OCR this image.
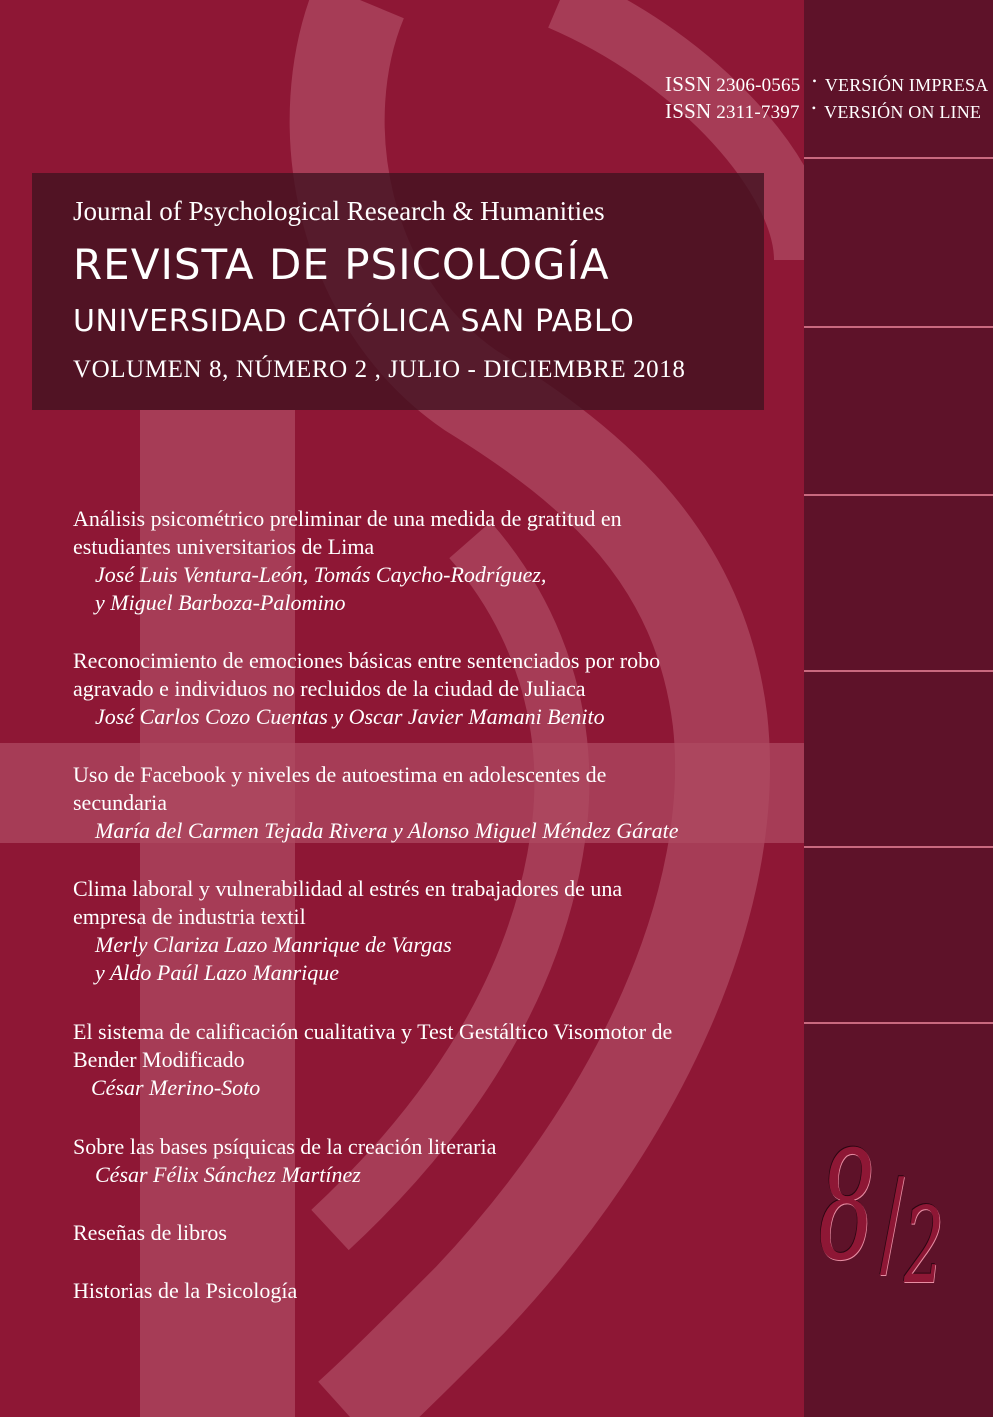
ISSN 2306-0565 • VERSIÓN IMPRESA
ISSN 2311-7397 • VERSIÓN ON LINE
Journal of Psychological Research & Humanities
REVISTA DE PSICOLOGÍA
UNIVERSIDAD CATÓLICA SAN PABLO
VOLUMEN 8, NÚMERO 2 , JULIO - DICIEMBRE 2018
Análisis psicométrico preliminar de una medida de gratitud en
estudiantes universitarios de Lima
José Luis Ventura-León, Tomás Caycho-Rodríguez,
y Miguel Barboza-Palomino
Reconocimiento de emociones básicas entre sentenciados por robo
agravado e individuos no recluidos de la ciudad de Juliaca
José Carlos Cozo Cuentas y Oscar Javier Mamani Benito
Uso de Facebook y niveles de autoestima en adolescentes de
secundaria
María del Carmen Tejada Rivera y Alonso Miguel Méndez Gárate
Clima laboral y vulnerabilidad al estrés en trabajadores de una
empresa de industria textil
Merly Clariza Lazo Manrique de Vargas
y Aldo Paúl Lazo Manrique
El sistema de calificación cualitativa y Test Gestáltico Visomotor de
Bender Modificado
César Merino-Soto
Sobre las bases psíquicas de la creación literaria
César Félix Sánchez Martínez
Reseñas de libros
Historias de la Psicología	8 / 2
